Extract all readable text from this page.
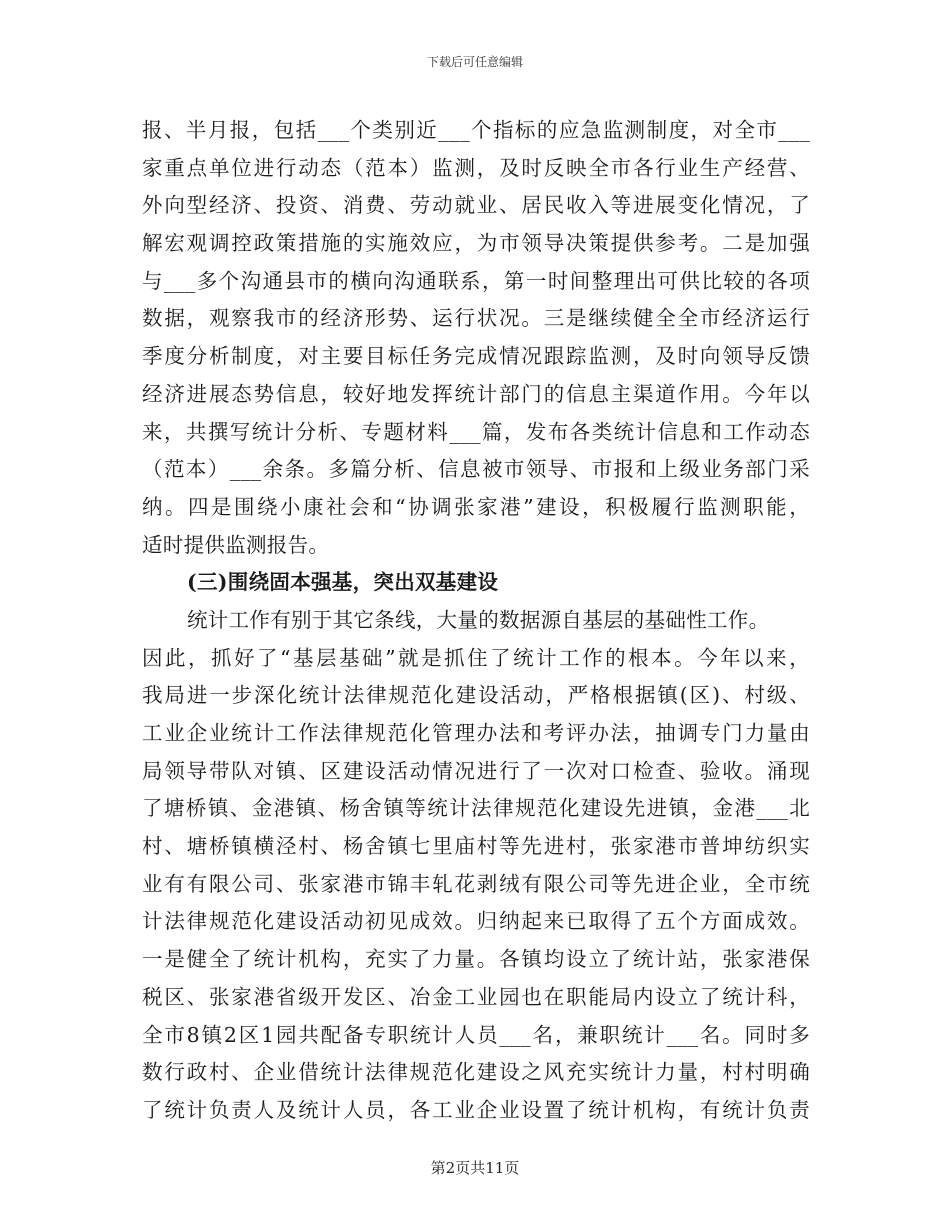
下载后可任意编辑
报、半月报，包括___个类别近___个指标的应急监测制度，对全市___
家重点单位进行动态（范本）监测，及时反映全市各行业生产经营、
外向型经济、投资、消费、劳动就业、居民收入等进展变化情况，了
解宏观调控政策措施的实施效应，为市领导决策提供参考。二是加强
与___多个沟通县市的横向沟通联系，第一时间整理出可供比较的各项
数据，观察我市的经济形势、运行状况。三是继续健全全市经济运行
季度分析制度，对主要目标任务完成情况跟踪监测，及时向领导反馈
经济进展态势信息，较好地发挥统计部门的信息主渠道作用。今年以
来，共撰写统计分析、专题材料___篇，发布各类统计信息和工作动态
（范本）___余条。多篇分析、信息被市领导、市报和上级业务部门采
纳。四是围绕小康社会和“协调张家港”建设，积极履行监测职能，
适时提供监测报告。
(三)围绕固本强基，突出双基建设
统计工作有别于其它条线，大量的数据源自基层的基础性工作。
因此，抓好了“基层基础”就是抓住了统计工作的根本。今年以来，
我局进一步深化统计法律规范化建设活动，严格根据镇(区)、村级、
工业企业统计工作法律规范化管理办法和考评办法，抽调专门力量由
局领导带队对镇、区建设活动情况进行了一次对口检查、验收。涌现
了塘桥镇、金港镇、杨舍镇等统计法律规范化建设先进镇，金港___北
村、塘桥镇横泾村、杨舍镇七里庙村等先进村，张家港市普坤纺织实
业有有限公司、张家港市锦丰轧花剥绒有限公司等先进企业，全市统
计法律规范化建设活动初见成效。归纳起来已取得了五个方面成效。
一是健全了统计机构，充实了力量。各镇均设立了统计站，张家港保
税区、张家港省级开发区、冶金工业园也在职能局内设立了统计科，
全市8镇2区1园共配备专职统计人员___名，兼职统计___名。同时多
数行政村、企业借统计法律规范化建设之风充实统计力量，村村明确
了统计负责人及统计人员，各工业企业设置了统计机构，有统计负责
第2页共11页
